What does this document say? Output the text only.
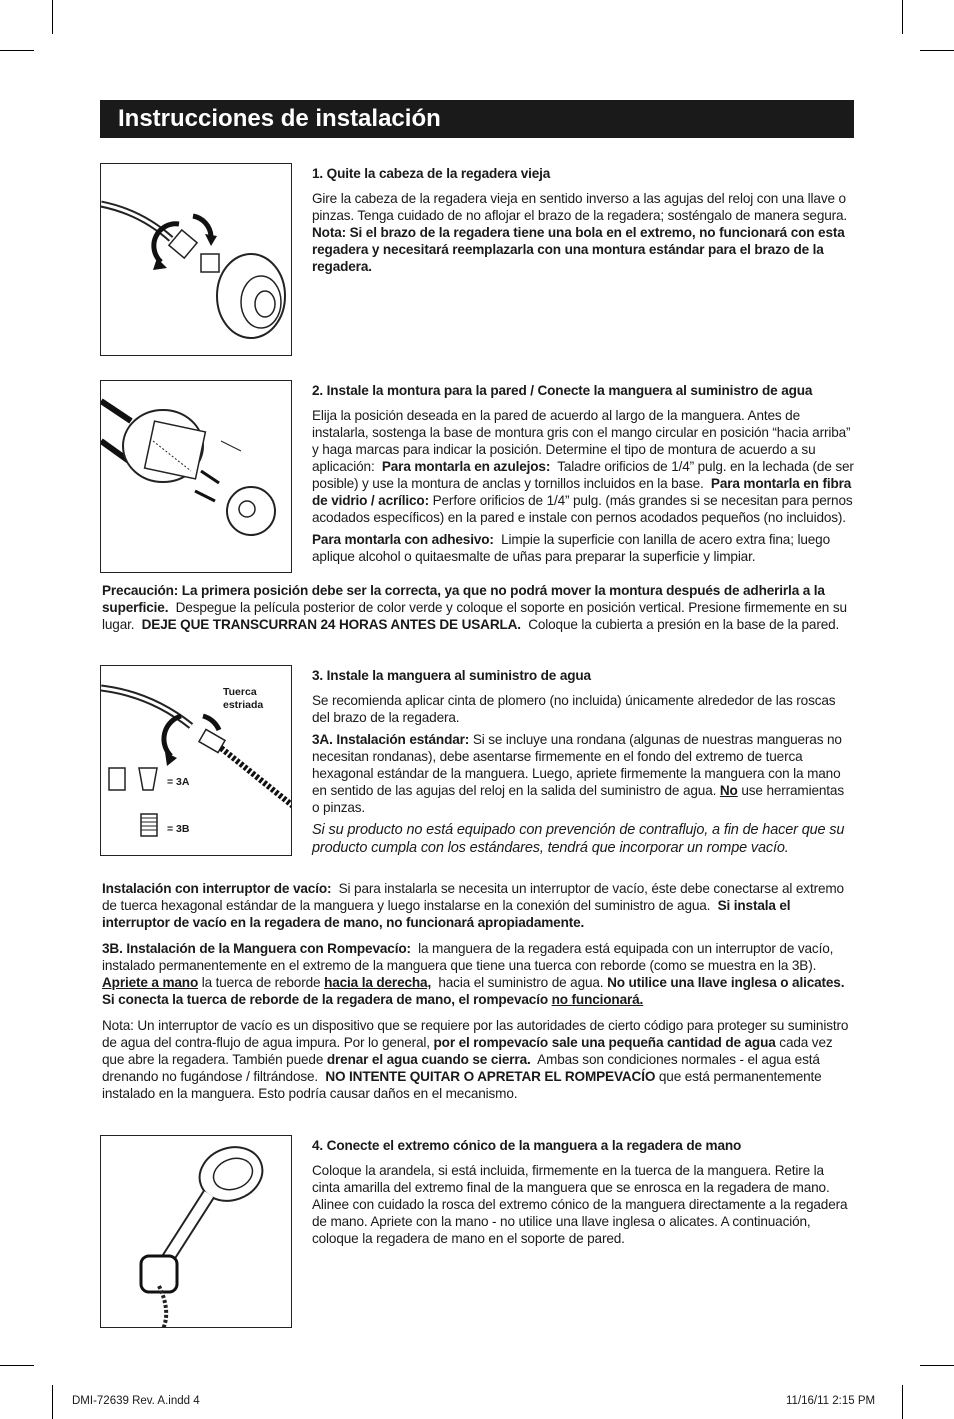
Instrucciones de instalación

1. Quite la cabeza de la regadera vieja

Gire la cabeza de la regadera vieja en sentido inverso a las agujas del reloj con una llave o pinzas. Tenga cuidado de no aflojar el brazo de la regadera; sosténgalo de manera segura.  Nota: Si el brazo de la regadera tiene una bola en el extremo, no funcionará con esta regadera y necesitará reemplazarla con una montura estándar para el brazo de la regadera.

2. Instale la montura para la pared / Conecte la manguera al suministro de agua

Elija la posición deseada en la pared de acuerdo al largo de la manguera. Antes de instalarla, sostenga la base de montura gris con el mango circular en posición “hacia arriba” y haga marcas para indicar la posición. Determine el tipo de montura de acuerdo a su aplicación: Para montarla en azulejos: Taladre orificios de 1/4” pulg. en la lechada (de ser posible) y use la montura de anclas y tornillos incluidos en la base. Para montarla en fibra de vidrio / acrílico: Perfore orificios de 1/4” pulg. (más grandes si se necesitan para pernos acodados específicos) en la pared e instale con pernos acodados pequeños (no incluidos).

Para montarla con adhesivo: Limpie la superficie con lanilla de acero extra fina; luego aplique alcohol o quitaesmalte de uñas para preparar la superficie y limpiar.

Precaución: La primera posición debe ser la correcta, ya que no podrá mover la montura después de adherirla a la superficie. Despegue la película posterior de color verde y coloque el soporte en posición vertical. Presione firmemente en su lugar. DEJE QUE TRANSCURRAN 24 HORAS ANTES DE USARLA. Coloque la cubierta a presión en la base de la pared.

Tuerca estriada
= 3A
= 3B

3. Instale la manguera al suministro de agua

Se recomienda aplicar cinta de plomero (no incluida) únicamente alrededor de las roscas del brazo de la regadera.

3A. Instalación estándar: Si se incluye una rondana (algunas de nuestras mangueras no necesitan rondanas), debe asentarse firmemente en el fondo del extremo de tuerca hexagonal estándar de la manguera. Luego, apriete firmemente la manguera con la mano en sentido de las agujas del reloj en la salida del suministro de agua. No use herramientas o pinzas.

Si su producto no está equipado con prevención de contraflujo, a fin de hacer que su producto cumpla con los estándares, tendrá que incorporar un rompe vacío.

Instalación con interruptor de vacío: Si para instalarla se necesita un interruptor de vacío, éste debe conectarse al extremo de tuerca hexagonal estándar de la manguera y luego instalarse en la conexión del suministro de agua. Si instala el interruptor de vacío en la regadera de mano, no funcionará apropiadamente.

3B. Instalación de la Manguera con Rompevacío: la manguera de la regadera está equipada con un interruptor de vacío, instalado permanentemente en el extremo de la manguera que tiene una tuerca con reborde (como se muestra en la 3B).  Apriete a mano la tuerca de reborde hacia la derecha, hacia el suministro de agua. No utilice una llave inglesa o alicates. Si conecta la tuerca de reborde de la regadera de mano, el rompevacío no funcionará.

Nota: Un interruptor de vacío es un dispositivo que se requiere por las autoridades de cierto código para proteger su suministro de agua del contra-flujo de agua impura. Por lo general, por el rompevacío sale una pequeña cantidad de agua cada vez que abre la regadera. También puede drenar el agua cuando se cierra. Ambas son condiciones normales - el agua está drenando no fugándose / filtrándose. NO INTENTE QUITAR O APRETAR EL ROMPEVACÍO que está permanentemente instalado en la manguera. Esto podría causar daños en el mecanismo.

4. Conecte el extremo cónico de la manguera a la regadera de mano

Coloque la arandela, si está incluida, firmemente en la tuerca de la manguera. Retire la cinta amarilla del extremo final de la manguera que se enrosca en la regadera de mano. Alinee con cuidado la rosca del extremo cónico de la manguera directamente a la regadera de mano. Apriete con la mano - no utilice una llave inglesa o alicates. A continuación, coloque la regadera de mano en el soporte de pared.

DMI-72639 Rev. A.indd 4	11/16/11 2:15 PM
